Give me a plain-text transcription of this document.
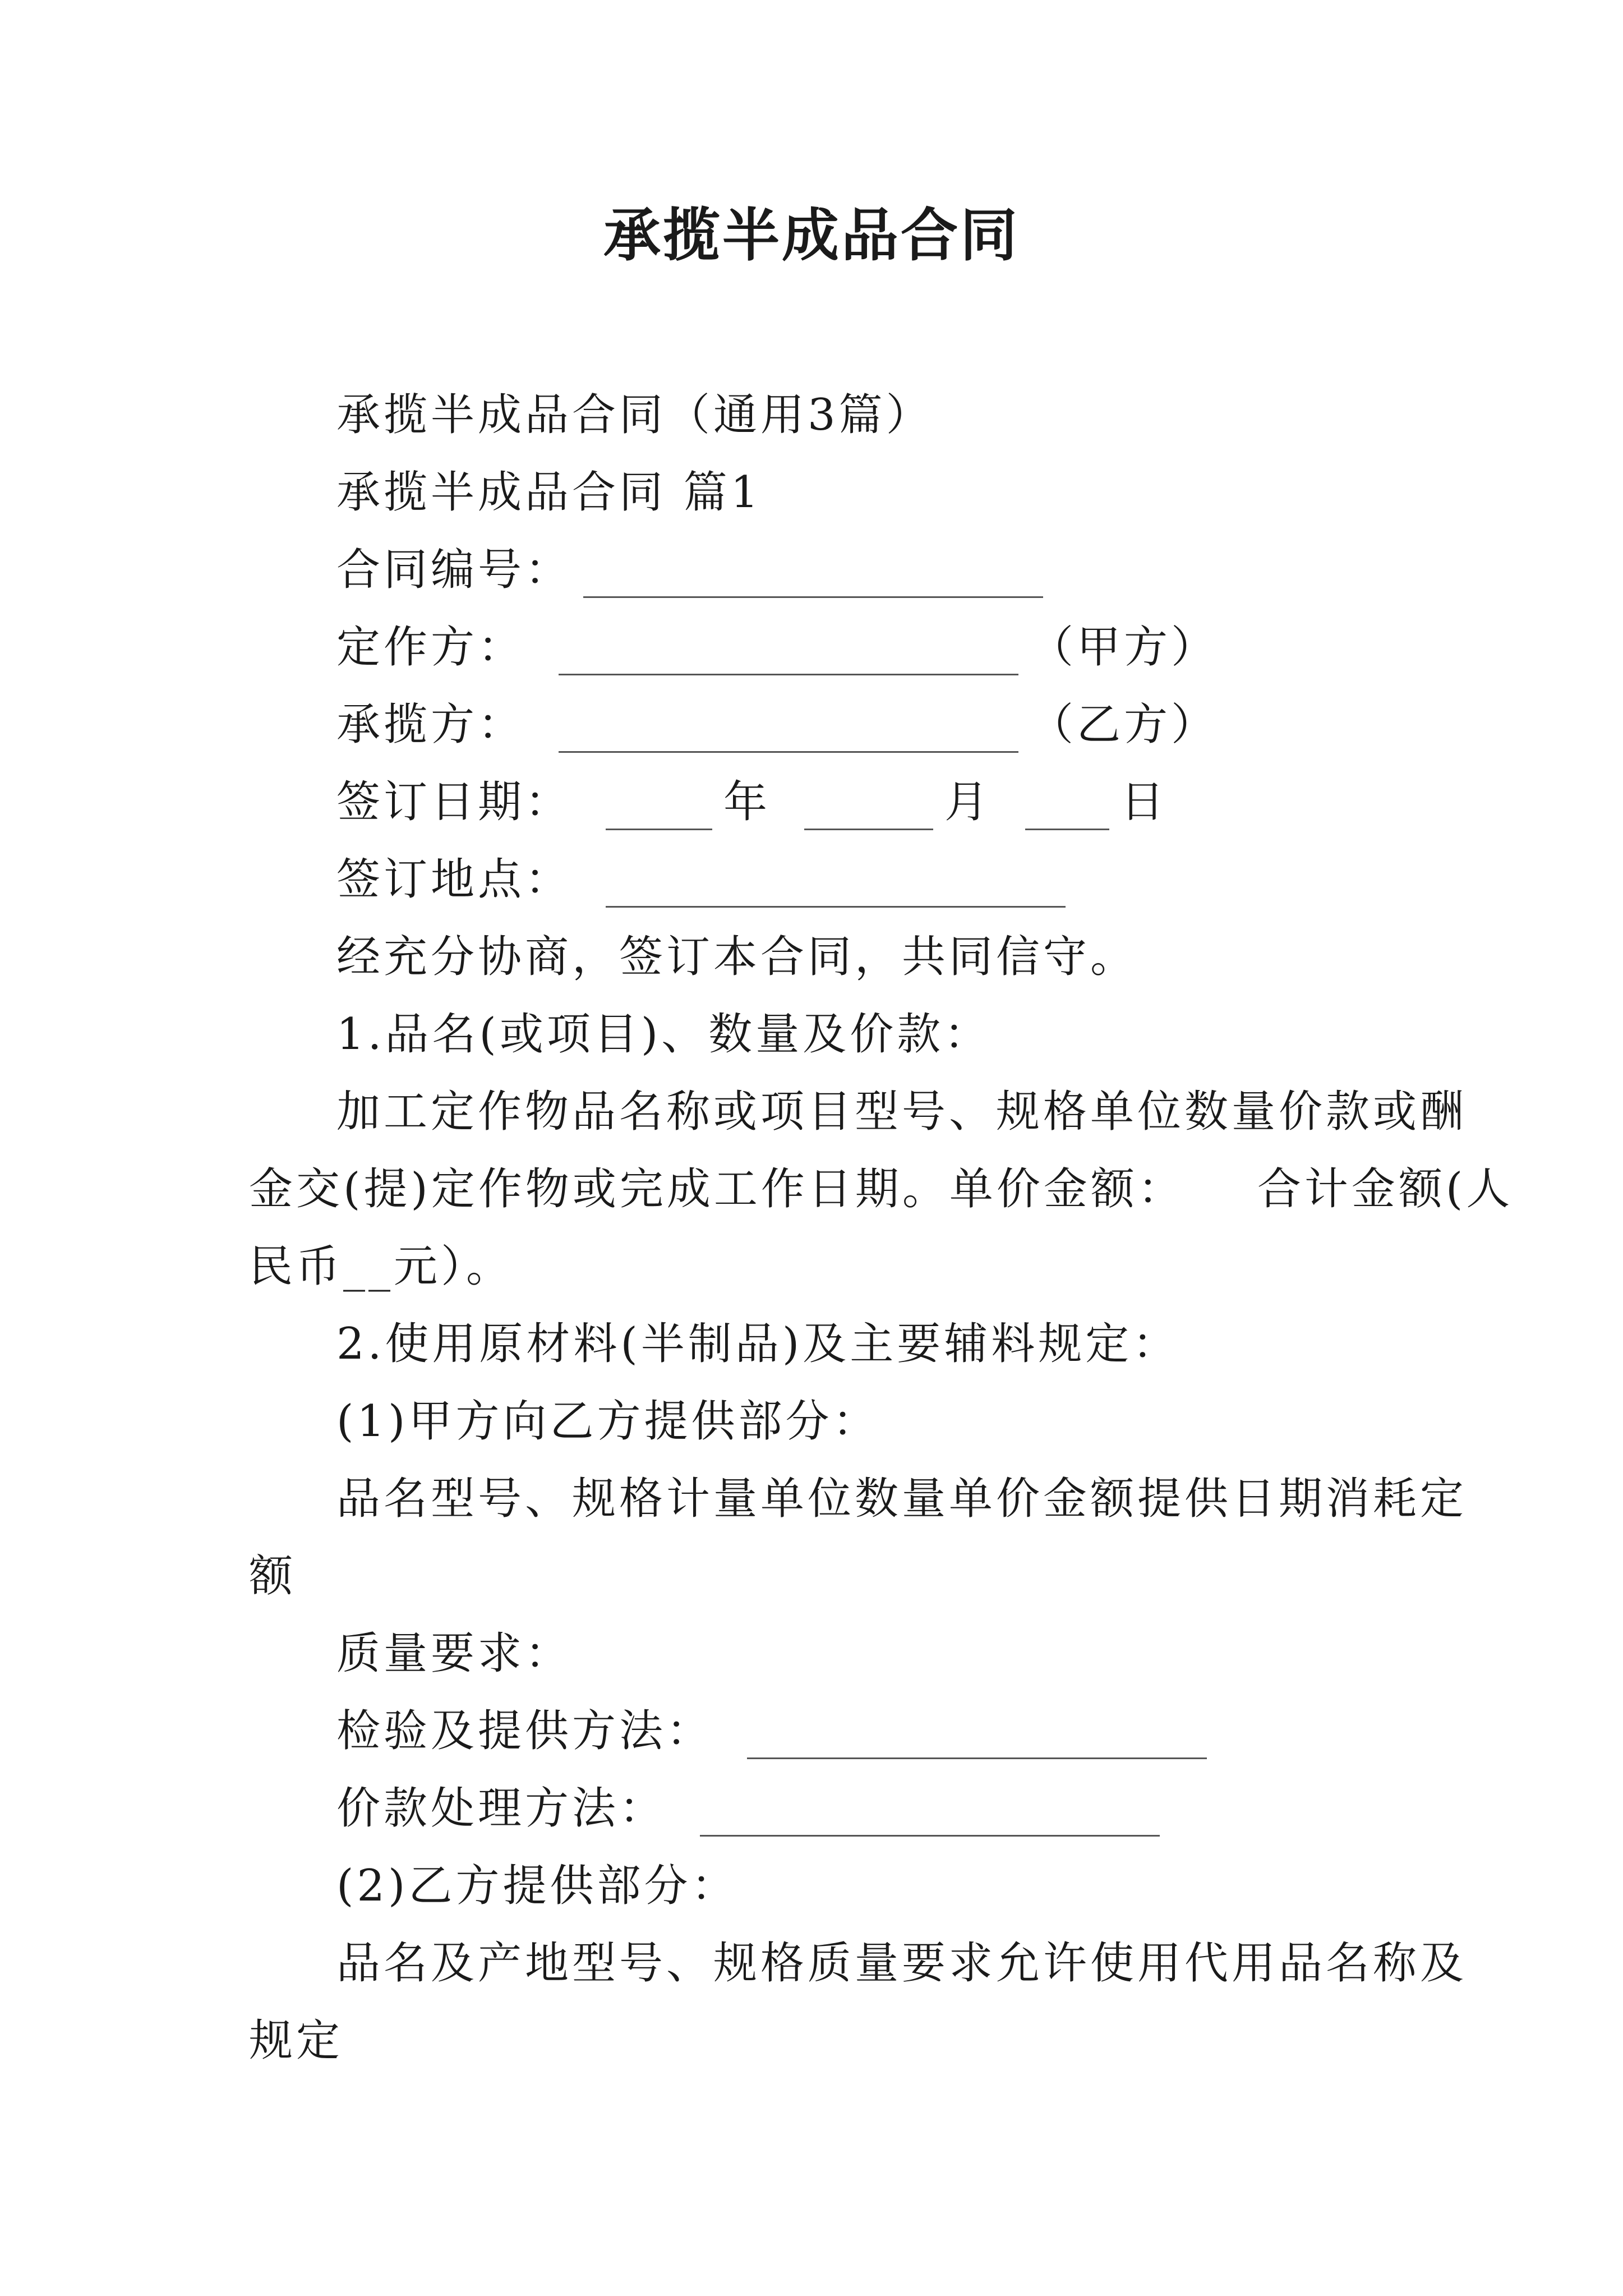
承揽半成品合同
承揽半成品合同（通用3篇）
承揽半成品合同 篇1
合同编号：
定作方：	（甲方）
承揽方：	（乙方）
签订日期：	年	月	日
签订地点：
经充分协商，签订本合同，共同信守。
1.品名(或项目)、数量及价款：
加工定作物品名称或项目型号、规格单位数量价款或酬
金交(提)定作物或完成工作日期。单价金额：　　合计金额(人
民币__元）。
2.使用原材料(半制品)及主要辅料规定：
(1)甲方向乙方提供部分：
品名型号、规格计量单位数量单价金额提供日期消耗定
额
质量要求：
检验及提供方法：
价款处理方法：
(2)乙方提供部分：
品名及产地型号、规格质量要求允许使用代用品名称及
规定
